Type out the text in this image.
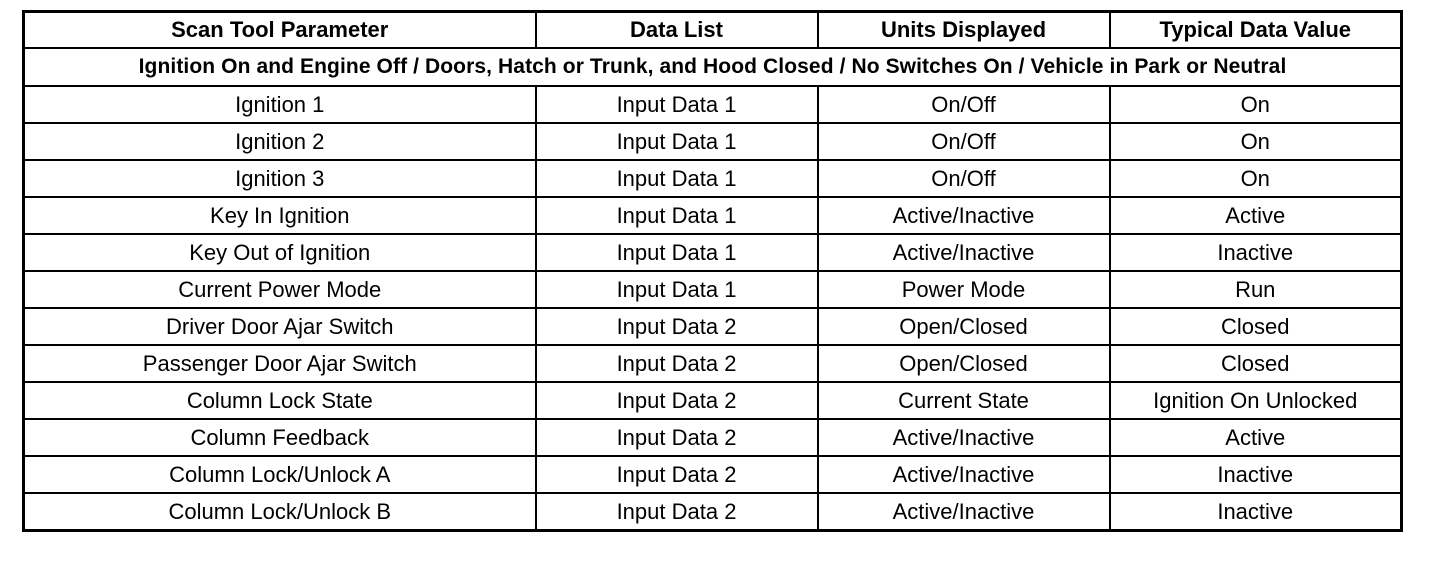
Scan Tool Parameter	Data List	Units Displayed	Typical Data Value
Ignition On and Engine Off / Doors, Hatch or Trunk, and Hood Closed / No Switches On / Vehicle in Park or Neutral			
Ignition 1	Input Data 1	On/Off	On
Ignition 2	Input Data 1	On/Off	On
Ignition 3	Input Data 1	On/Off	On
Key In Ignition	Input Data 1	Active/Inactive	Active
Key Out of Ignition	Input Data 1	Active/Inactive	Inactive
Current Power Mode	Input Data 1	Power Mode	Run
Driver Door Ajar Switch	Input Data 2	Open/Closed	Closed
Passenger Door Ajar Switch	Input Data 2	Open/Closed	Closed
Column Lock State	Input Data 2	Current State	Ignition On Unlocked
Column Feedback	Input Data 2	Active/Inactive	Active
Column Lock/Unlock A	Input Data 2	Active/Inactive	Inactive
Column Lock/Unlock B	Input Data 2	Active/Inactive	Inactive
